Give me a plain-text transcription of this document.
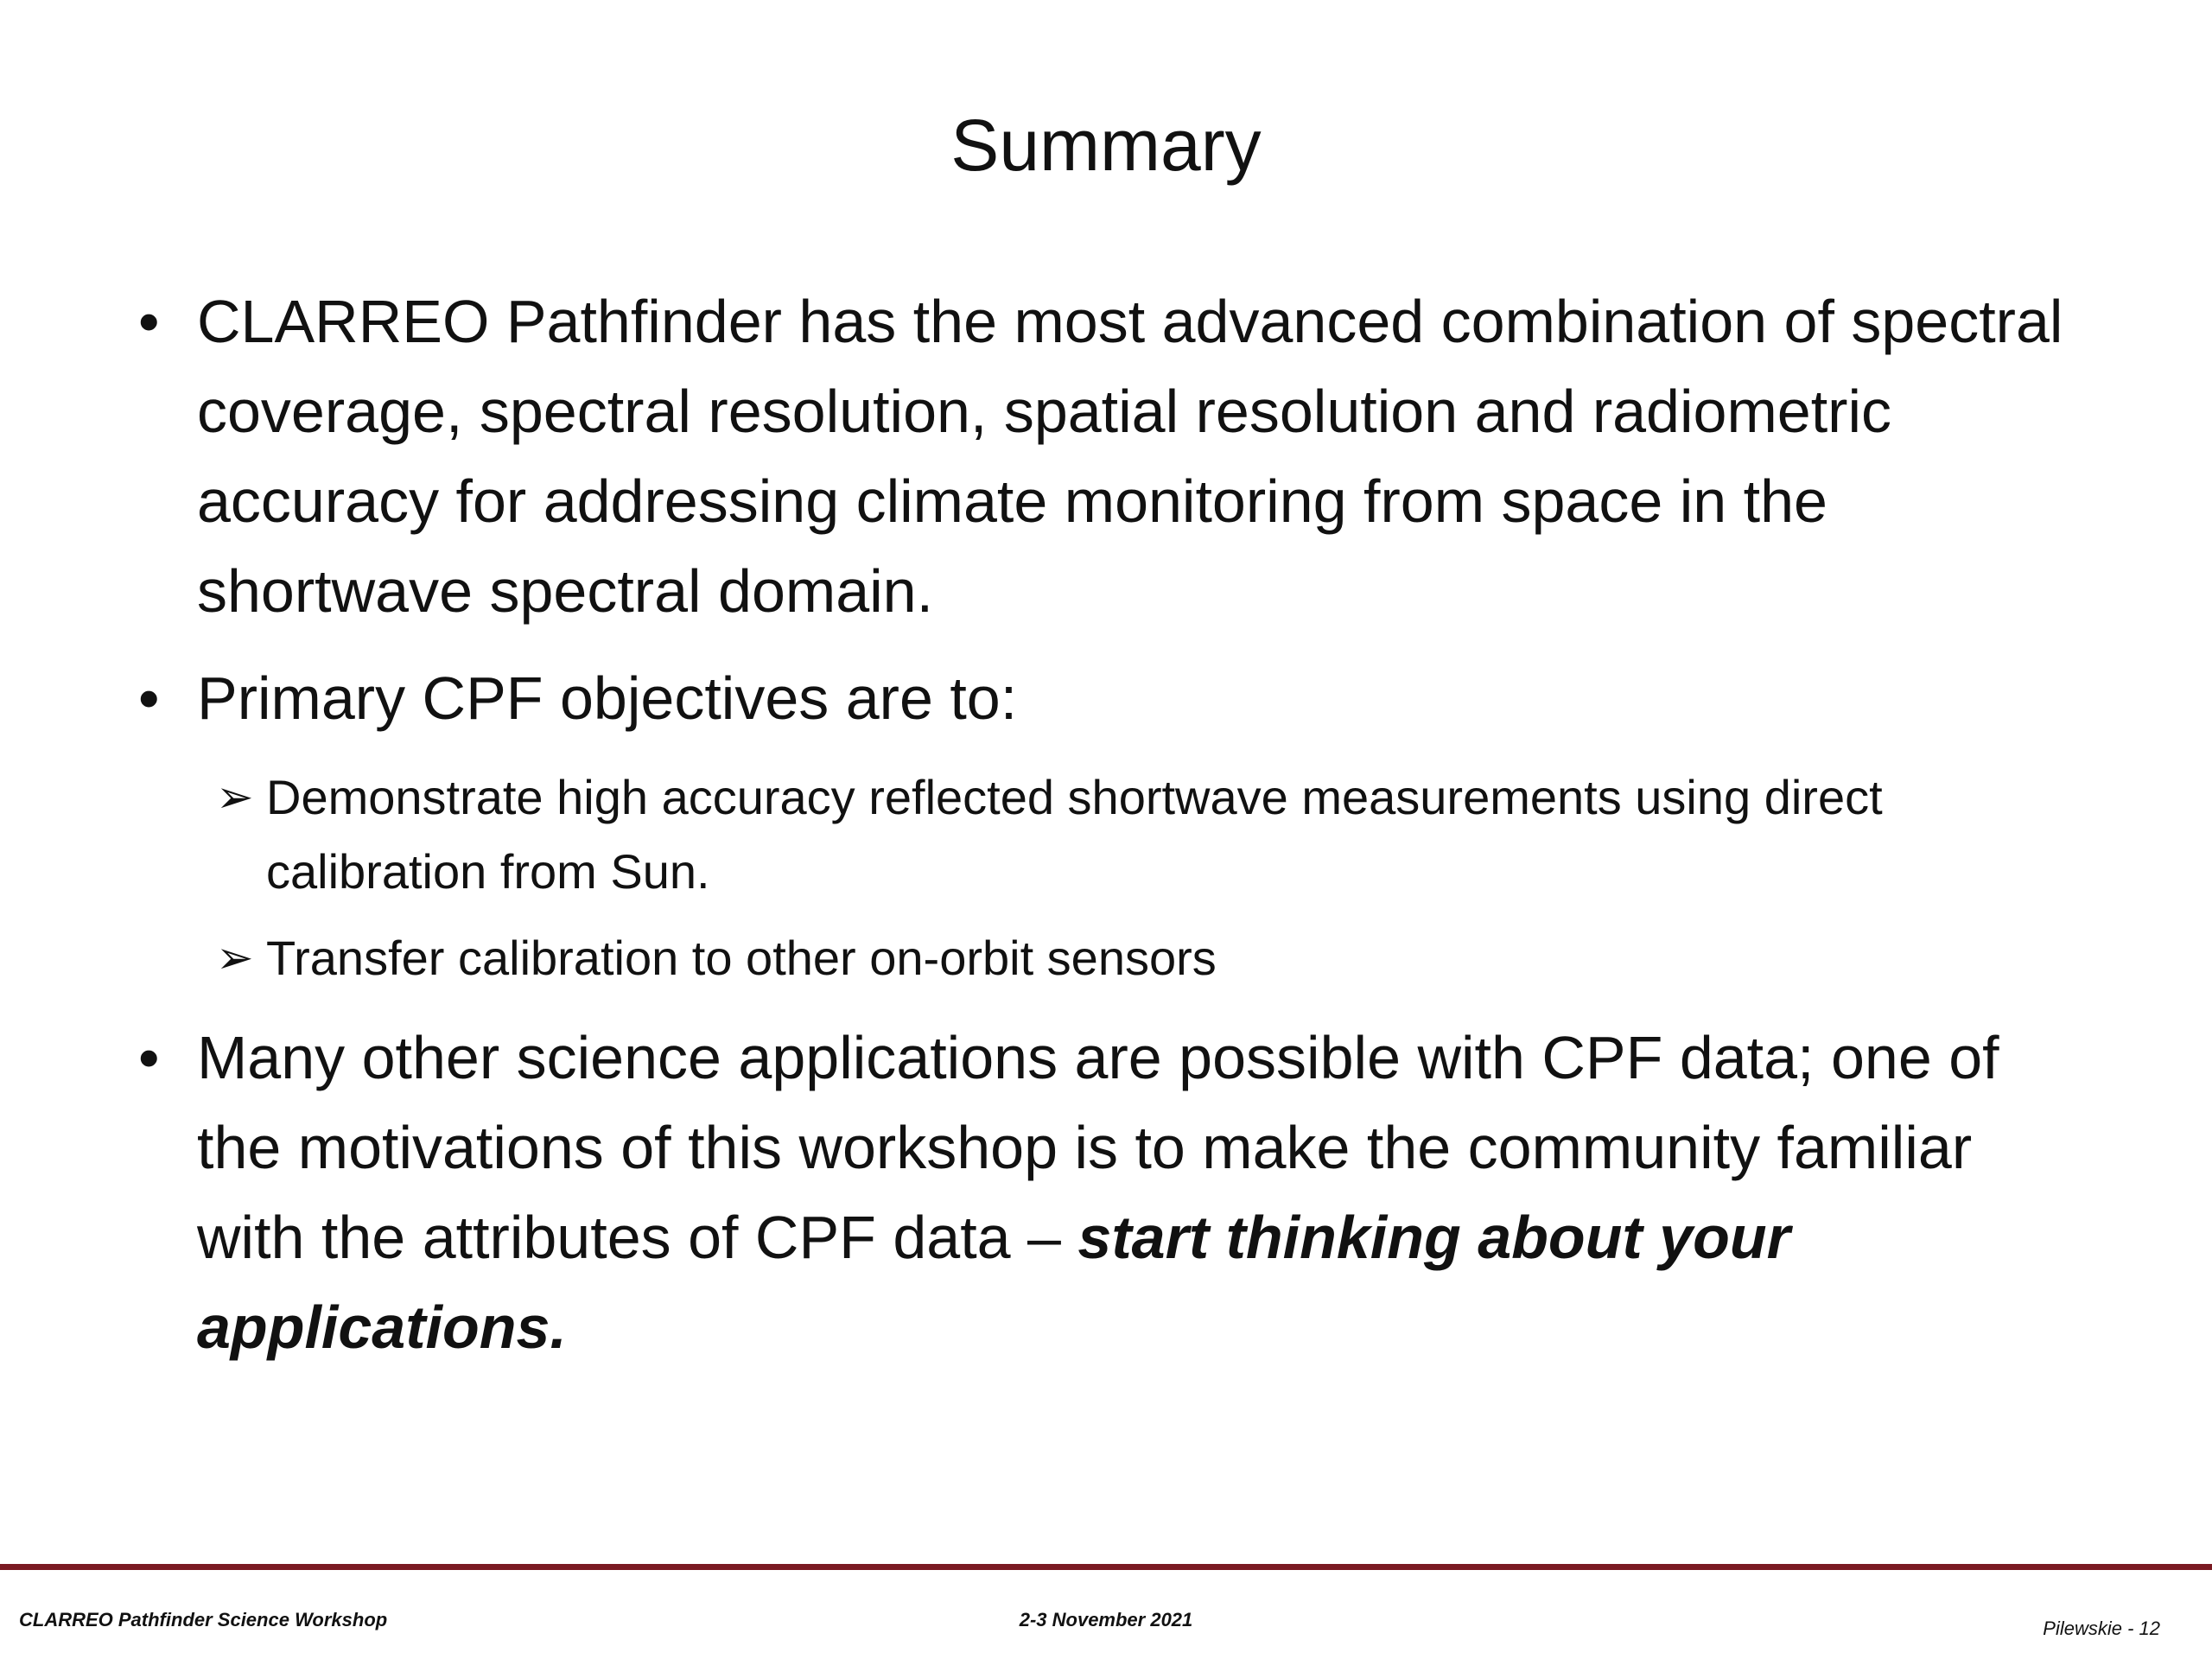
Summary
• CLARREO Pathfinder has the most advanced combination of spectral coverage, spectral resolution, spatial resolution and radiometric accuracy for addressing climate monitoring from space in the shortwave spectral domain.
• Primary CPF objectives are to:
➢ Demonstrate high accuracy reflected shortwave measurements using direct calibration from Sun.
➢ Transfer calibration to other on-orbit sensors
• Many other science applications are possible with CPF data; one of the motivations of this workshop is to make the community familiar with the attributes of CPF data – start thinking about your applications.
CLARREO Pathfinder Science Workshop	2-3 November 2021	Pilewskie - 12
